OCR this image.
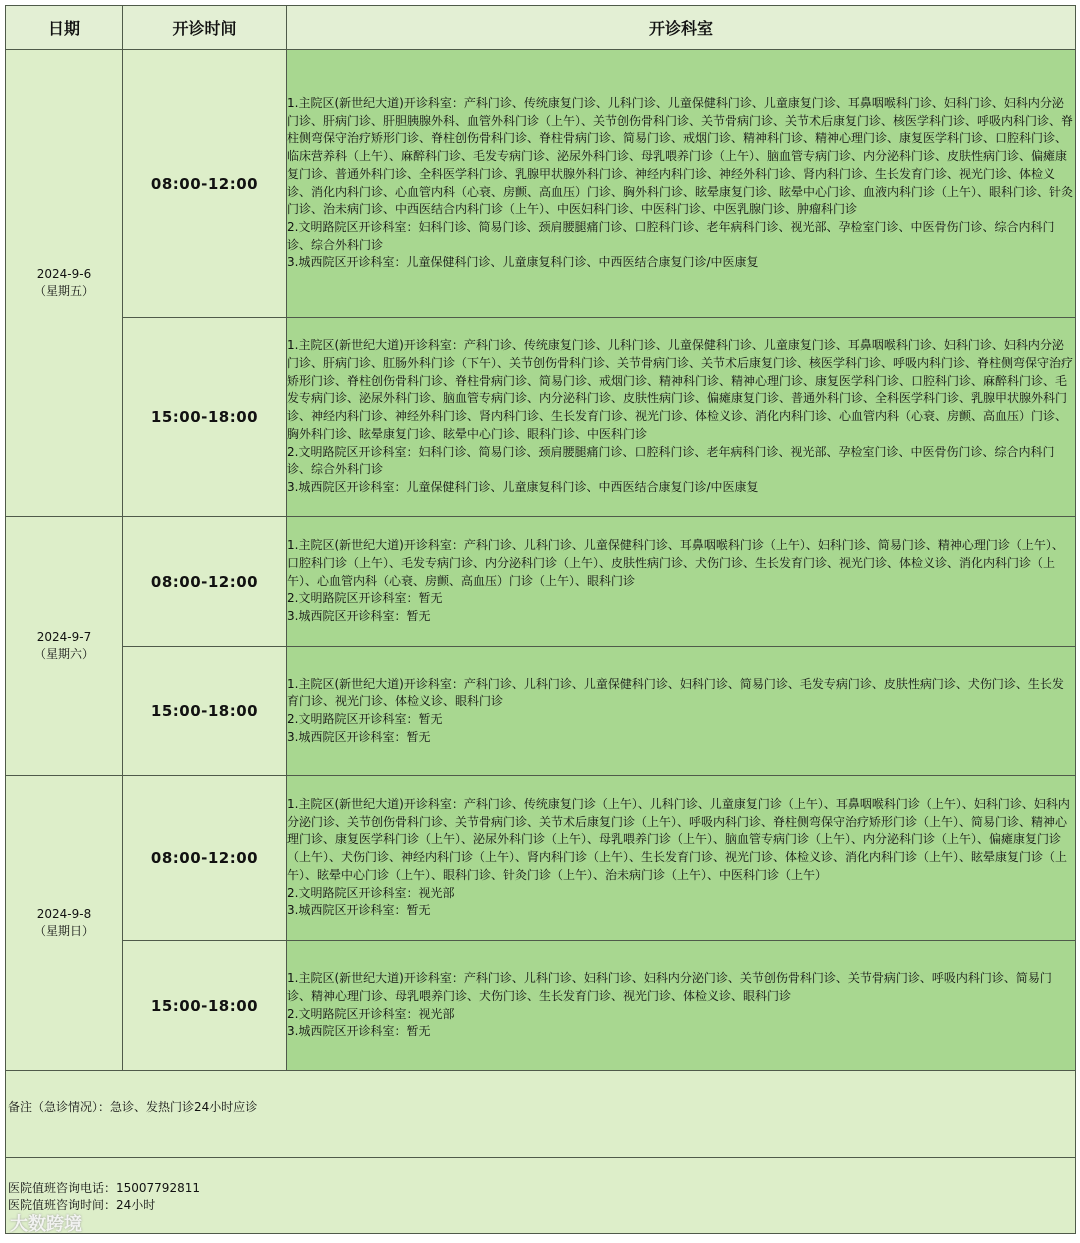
日期	开诊时间	开诊科室

2024-9-6
（星期五）	08:00-12:00	1.主院区(新世纪大道)开诊科室：产科门诊、传统康复门诊、儿科门诊、儿童保健科门诊、儿童康复门诊、耳鼻咽喉科门诊、妇科门诊、妇科内分泌门诊、肝病门诊、肝胆胰腺外科、血管外科门诊（上午）、关节创伤骨科门诊、关节骨病门诊、关节术后康复门诊、核医学科门诊、呼吸内科门诊、脊柱侧弯保守治疗矫形门诊、脊柱创伤骨科门诊、脊柱骨病门诊、简易门诊、戒烟门诊、精神科门诊、精神心理门诊、康复医学科门诊、口腔科门诊、临床营养科（上午）、麻醉科门诊、毛发专病门诊、泌尿外科门诊、母乳喂养门诊（上午）、脑血管专病门诊、内分泌科门诊、皮肤性病门诊、偏瘫康复门诊、普通外科门诊、全科医学科门诊、乳腺甲状腺外科门诊、神经内科门诊、神经外科门诊、肾内科门诊、生长发育门诊、视光门诊、体检义诊、消化内科门诊、心血管内科（心衰、房颤、高血压）门诊、胸外科门诊、眩晕康复门诊、眩晕中心门诊、血液内科门诊（上午）、眼科门诊、针灸门诊、治未病门诊、中西医结合内科门诊（上午）、中医妇科门诊、中医科门诊、中医乳腺门诊、肿瘤科门诊
2.文明路院区开诊科室：妇科门诊、简易门诊、颈肩腰腿痛门诊、口腔科门诊、老年病科门诊、视光部、孕检室门诊、中医骨伤门诊、综合内科门诊、综合外科门诊
3.城西院区开诊科室：儿童保健科门诊、儿童康复科门诊、中西医结合康复门诊/中医康复

	15:00-18:00	1.主院区(新世纪大道)开诊科室：产科门诊、传统康复门诊、儿科门诊、儿童保健科门诊、儿童康复门诊、耳鼻咽喉科门诊、妇科门诊、妇科内分泌门诊、肝病门诊、肛肠外科门诊（下午）、关节创伤骨科门诊、关节骨病门诊、关节术后康复门诊、核医学科门诊、呼吸内科门诊、脊柱侧弯保守治疗矫形门诊、脊柱创伤骨科门诊、脊柱骨病门诊、简易门诊、戒烟门诊、精神科门诊、精神心理门诊、康复医学科门诊、口腔科门诊、麻醉科门诊、毛发专病门诊、泌尿外科门诊、脑血管专病门诊、内分泌科门诊、皮肤性病门诊、偏瘫康复门诊、普通外科门诊、全科医学科门诊、乳腺甲状腺外科门诊、神经内科门诊、神经外科门诊、肾内科门诊、生长发育门诊、视光门诊、体检义诊、消化内科门诊、心血管内科（心衰、房颤、高血压）门诊、胸外科门诊、眩晕康复门诊、眩晕中心门诊、眼科门诊、中医科门诊
2.文明路院区开诊科室：妇科门诊、简易门诊、颈肩腰腿痛门诊、口腔科门诊、老年病科门诊、视光部、孕检室门诊、中医骨伤门诊、综合内科门诊、综合外科门诊
3.城西院区开诊科室：儿童保健科门诊、儿童康复科门诊、中西医结合康复门诊/中医康复

2024-9-7
（星期六）	08:00-12:00	1.主院区(新世纪大道)开诊科室：产科门诊、儿科门诊、儿童保健科门诊、耳鼻咽喉科门诊（上午）、妇科门诊、简易门诊、精神心理门诊（上午）、口腔科门诊（上午）、毛发专病门诊、内分泌科门诊（上午）、皮肤性病门诊、犬伤门诊、生长发育门诊、视光门诊、体检义诊、消化内科门诊（上午）、心血管内科（心衰、房颤、高血压）门诊（上午）、眼科门诊
2.文明路院区开诊科室：暂无
3.城西院区开诊科室：暂无

	15:00-18:00	1.主院区(新世纪大道)开诊科室：产科门诊、儿科门诊、儿童保健科门诊、妇科门诊、简易门诊、毛发专病门诊、皮肤性病门诊、犬伤门诊、生长发育门诊、视光门诊、体检义诊、眼科门诊
2.文明路院区开诊科室：暂无
3.城西院区开诊科室：暂无

2024-9-8
（星期日）	08:00-12:00	1.主院区(新世纪大道)开诊科室：产科门诊、传统康复门诊（上午）、儿科门诊、儿童康复门诊（上午）、耳鼻咽喉科门诊（上午）、妇科门诊、妇科内分泌门诊、关节创伤骨科门诊、关节骨病门诊、关节术后康复门诊（上午）、呼吸内科门诊、脊柱侧弯保守治疗矫形门诊（上午）、简易门诊、精神心理门诊、康复医学科门诊（上午）、泌尿外科门诊（上午）、母乳喂养门诊（上午）、脑血管专病门诊（上午）、内分泌科门诊（上午）、偏瘫康复门诊（上午）、犬伤门诊、神经内科门诊（上午）、肾内科门诊（上午）、生长发育门诊、视光门诊、体检义诊、消化内科门诊（上午）、眩晕康复门诊（上午）、眩晕中心门诊（上午）、眼科门诊、针灸门诊（上午）、治未病门诊（上午）、中医科门诊（上午）
2.文明路院区开诊科室：视光部
3.城西院区开诊科室：暂无

	15:00-18:00	1.主院区(新世纪大道)开诊科室：产科门诊、儿科门诊、妇科门诊、妇科内分泌门诊、关节创伤骨科门诊、关节骨病门诊、呼吸内科门诊、简易门诊、精神心理门诊、母乳喂养门诊、犬伤门诊、生长发育门诊、视光门诊、体检义诊、眼科门诊
2.文明路院区开诊科室：视光部
3.城西院区开诊科室：暂无

备注（急诊情况）：急诊、发热门诊24小时应诊		

医院值班咨询电话：15007792811
医院值班咨询时间：24小时		
大数跨境
